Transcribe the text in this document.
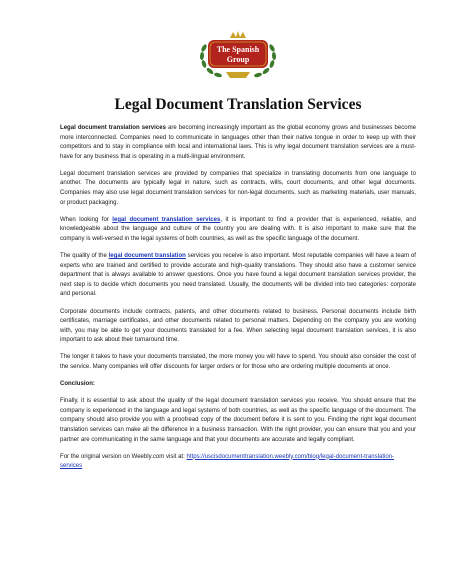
The Spanish
Group
Legal Document Translation Services

Legal document translation services are becoming increasingly important as the global economy grows and businesses become more interconnected. Companies need to communicate in languages other than their native tongue in order to keep up with their competitors and to stay in compliance with local and international laws. This is why legal document translation services are a must-have for any business that is operating in a multi-lingual environment.

Legal document translation services are provided by companies that specialize in translating documents from one language to another. The documents are typically legal in nature, such as contracts, wills, court documents, and other legal documents. Companies may also use legal document translation services for non-legal documents, such as marketing materials, user manuals, or product packaging.

When looking for legal document translation services, it is important to find a provider that is experienced, reliable, and knowledgeable about the language and culture of the country you are dealing with. It is also important to make sure that the company is well-versed in the legal systems of both countries, as well as the specific language of the document.

The quality of the legal document translation services you receive is also important. Most reputable companies will have a team of experts who are trained and certified to provide accurate and high-quality translations. They should also have a customer service department that is always available to answer questions. Once you have found a legal document translation services provider, the next step is to decide which documents you need translated. Usually, the documents will be divided into two categories: corporate and personal.

Corporate documents include contracts, patents, and other documents related to business. Personal documents include birth certificates, marriage certificates, and other documents related to personal matters. Depending on the company you are working with, you may be able to get your documents translated for a fee. When selecting legal document translation services, it is also important to ask about their turnaround time.

The longer it takes to have your documents translated, the more money you will have to spend. You should also consider the cost of the service. Many companies will offer discounts for larger orders or for those who are ordering multiple documents at once.

Conclusion:

Finally, it is essential to ask about the quality of the legal document translation services you receive. You should ensure that the company is experienced in the language and legal systems of both countries, as well as the specific language of the document. The company should also provide you with a proofread copy of the document before it is sent to you. Finding the right legal document translation services can make all the difference in a business transaction. With the right provider, you can ensure that you and your partner are communicating in the same language and that your documents are accurate and legally compliant.

For the original version on Weebly.com visit at: https://uscisdocumenttranslation.weebly.com/blog/legal-document-translation-services
